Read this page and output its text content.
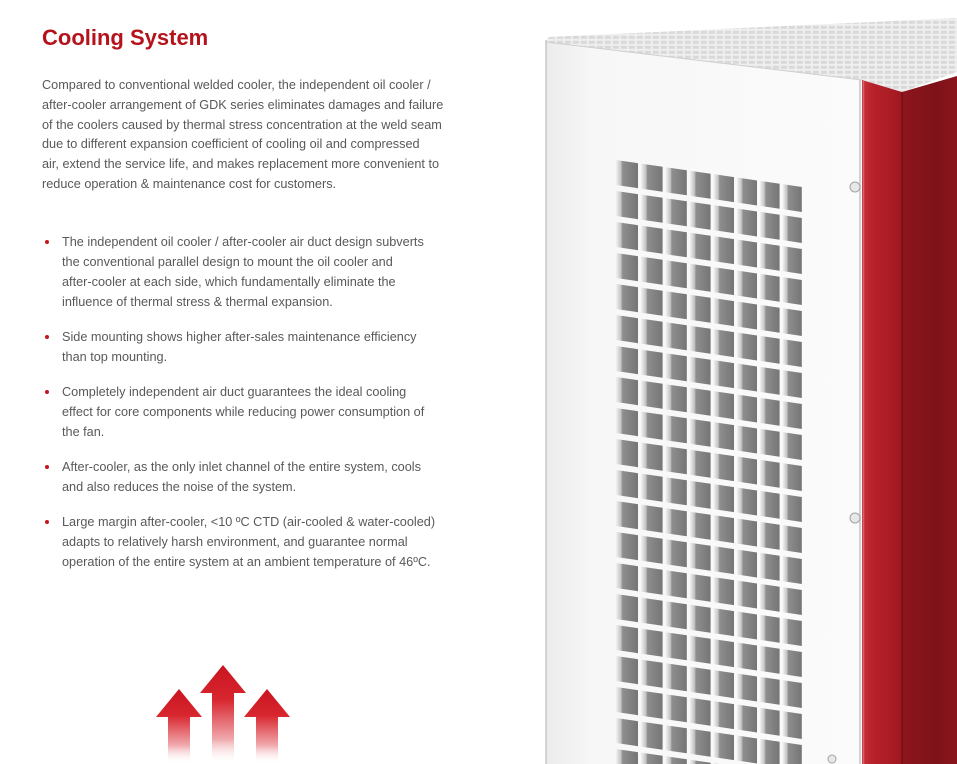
Cooling System

Compared to conventional welded cooler, the independent oil cooler /
after-cooler arrangement of GDK series eliminates damages and failure
of the coolers caused by thermal stress concentration at the weld seam
due to different expansion coefficient of cooling oil and compressed
air, extend the service life, and makes replacement more convenient to
reduce operation & maintenance cost for customers.

The independent oil cooler / after-cooler air duct design subverts
the conventional parallel design to mount the oil cooler and
after-cooler at each side, which fundamentally eliminate the
influence of thermal stress & thermal expansion.
Side mounting shows higher after-sales maintenance efficiency
than top mounting.
Completely independent air duct guarantees the ideal cooling
effect for core components while reducing power consumption of
the fan.
After-cooler, as the only inlet channel of the entire system, cools
and also reduces the noise of the system.
Large margin after-cooler, <10 ºC CTD (air-cooled & water-cooled)
adapts to relatively harsh environment, and guarantee normal
operation of the entire system at an ambient temperature of 46ºC.
